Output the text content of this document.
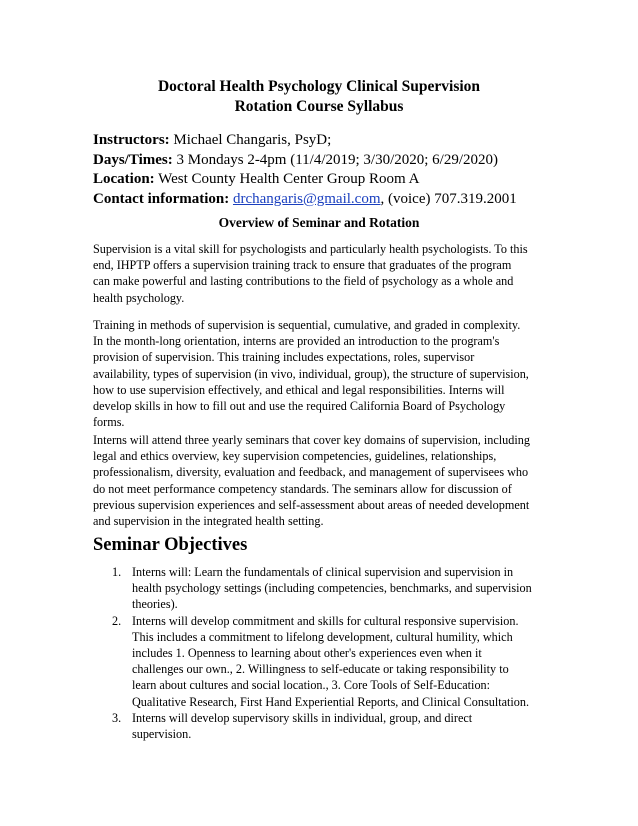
Doctoral Health Psychology Clinical Supervision
Rotation Course Syllabus
Instructors: Michael Changaris, PsyD;
Days/Times: 3 Mondays 2-4pm (11/4/2019; 3/30/2020; 6/29/2020)
Location: West County Health Center Group Room A
Contact information: drchangaris@gmail.com, (voice) 707.319.2001
Overview of Seminar and Rotation
Supervision is a vital skill for psychologists and particularly health psychologists. To this
end, IHPTP offers a supervision training track to ensure that graduates of the program
can make powerful and lasting contributions to the field of psychology as a whole and
health psychology.
Training in methods of supervision is sequential, cumulative, and graded in complexity.
In the month-long orientation, interns are provided an introduction to the program's
provision of supervision. This training includes expectations, roles, supervisor
availability, types of supervision (in vivo, individual, group), the structure of supervision,
how to use supervision effectively, and ethical and legal responsibilities. Interns will
develop skills in how to fill out and use the required California Board of Psychology
forms.
Interns will attend three yearly seminars that cover key domains of supervision, including
legal and ethics overview, key supervision competencies, guidelines, relationships,
professionalism, diversity, evaluation and feedback, and management of supervisees who
do not meet performance competency standards. The seminars allow for discussion of
previous supervision experiences and self-assessment about areas of needed development
and supervision in the integrated health setting.
Seminar Objectives
1. Interns will: Learn the fundamentals of clinical supervision and supervision in
health psychology settings (including competencies, benchmarks, and supervision
theories).
2. Interns will develop commitment and skills for cultural responsive supervision.
This includes a commitment to lifelong development, cultural humility, which
includes 1. Openness to learning about other's experiences even when it
challenges our own., 2. Willingness to self-educate or taking responsibility to
learn about cultures and social location., 3. Core Tools of Self-Education:
Qualitative Research, First Hand Experiential Reports, and Clinical Consultation.
3. Interns will develop supervisory skills in individual, group, and direct
supervision.
